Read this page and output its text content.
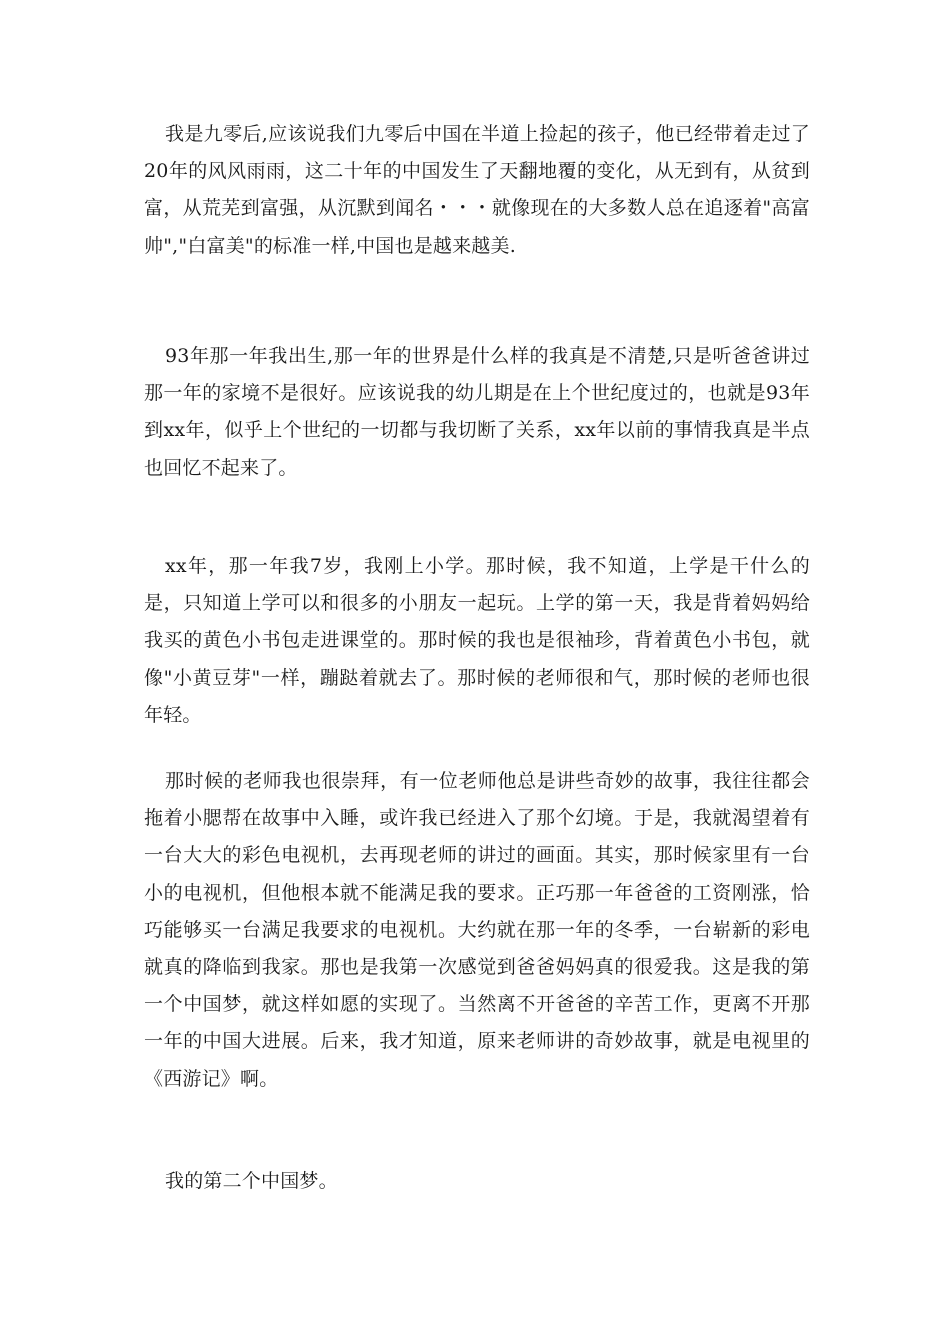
我是九零后,应该说我们九零后中国在半道上捡起的孩子，他已经带着走过了20年的风风雨雨，这二十年的中国发生了天翻地覆的变化，从无到有，从贫到富，从荒芜到富强，从沉默到闻名・・・就像现在的大多数人总在追逐着"高富帅","白富美"的标准一样,中国也是越来越美.

93年那一年我出生,那一年的世界是什么样的我真是不清楚,只是听爸爸讲过那一年的家境不是很好。应该说我的幼儿期是在上个世纪度过的，也就是93年到xx年，似乎上个世纪的一切都与我切断了关系，xx年以前的事情我真是半点也回忆不起来了。

xx年，那一年我7岁，我刚上小学。那时候，我不知道，上学是干什么的是，只知道上学可以和很多的小朋友一起玩。上学的第一天，我是背着妈妈给我买的黄色小书包走进课堂的。那时候的我也是很袖珍，背着黄色小书包，就像"小黄豆芽"一样，蹦跶着就去了。那时候的老师很和气，那时候的老师也很年轻。

那时候的老师我也很崇拜，有一位老师他总是讲些奇妙的故事，我往往都会拖着小腮帮在故事中入睡，或许我已经进入了那个幻境。于是，我就渴望着有一台大大的彩色电视机，去再现老师的讲过的画面。其实，那时候家里有一台小的电视机，但他根本就不能满足我的要求。正巧那一年爸爸的工资刚涨，恰巧能够买一台满足我要求的电视机。大约就在那一年的冬季，一台崭新的彩电就真的降临到我家。那也是我第一次感觉到爸爸妈妈真的很爱我。这是我的第一个中国梦，就这样如愿的实现了。当然离不开爸爸的辛苦工作，更离不开那一年的中国大进展。后来，我才知道，原来老师讲的奇妙故事，就是电视里的《西游记》啊。

我的第二个中国梦。
